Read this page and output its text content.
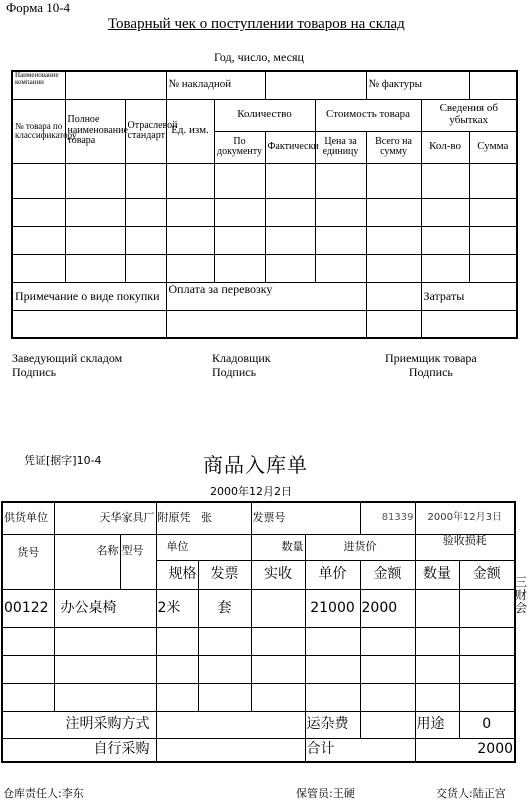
Форма 10-4
Товарный чек о поступлении товаров на склад
Год, число, месяц
Наименование компании			№ накладной				№ фактуры		
№ товара по классификатору	Полное наименование товара	Отраслевой стандарт	Ед. изм.	Количество		Стоимость товара		Сведения об убытках	
				По документу	Фактически	Цена за единицу	Всего на сумму	Кол-во	Сумма

Примечание о виде покупки			Оплата за перевозку					Затраты	

Заведующий складом
Подпись
Кладовщик
Подпись
Приемщик товара
Подпись
凭证[据字]10-4	商品入库单
2000年12月2日
供货单位	天华家具厂		附原凭 张		发票号		81339	2000年12月3日	
货号	名称	型号	单位		数量	进货价		验收损耗	
			规格	发票	实收	单价	金额	数量	金额
00122	办公桌椅		2米	套		21000	2000		

注明采购方式						运杂费		用途	0
自行采购						合计		2000	
三财会
仓库责任人:李东	保管员:王硬	交货人:陆正宫
